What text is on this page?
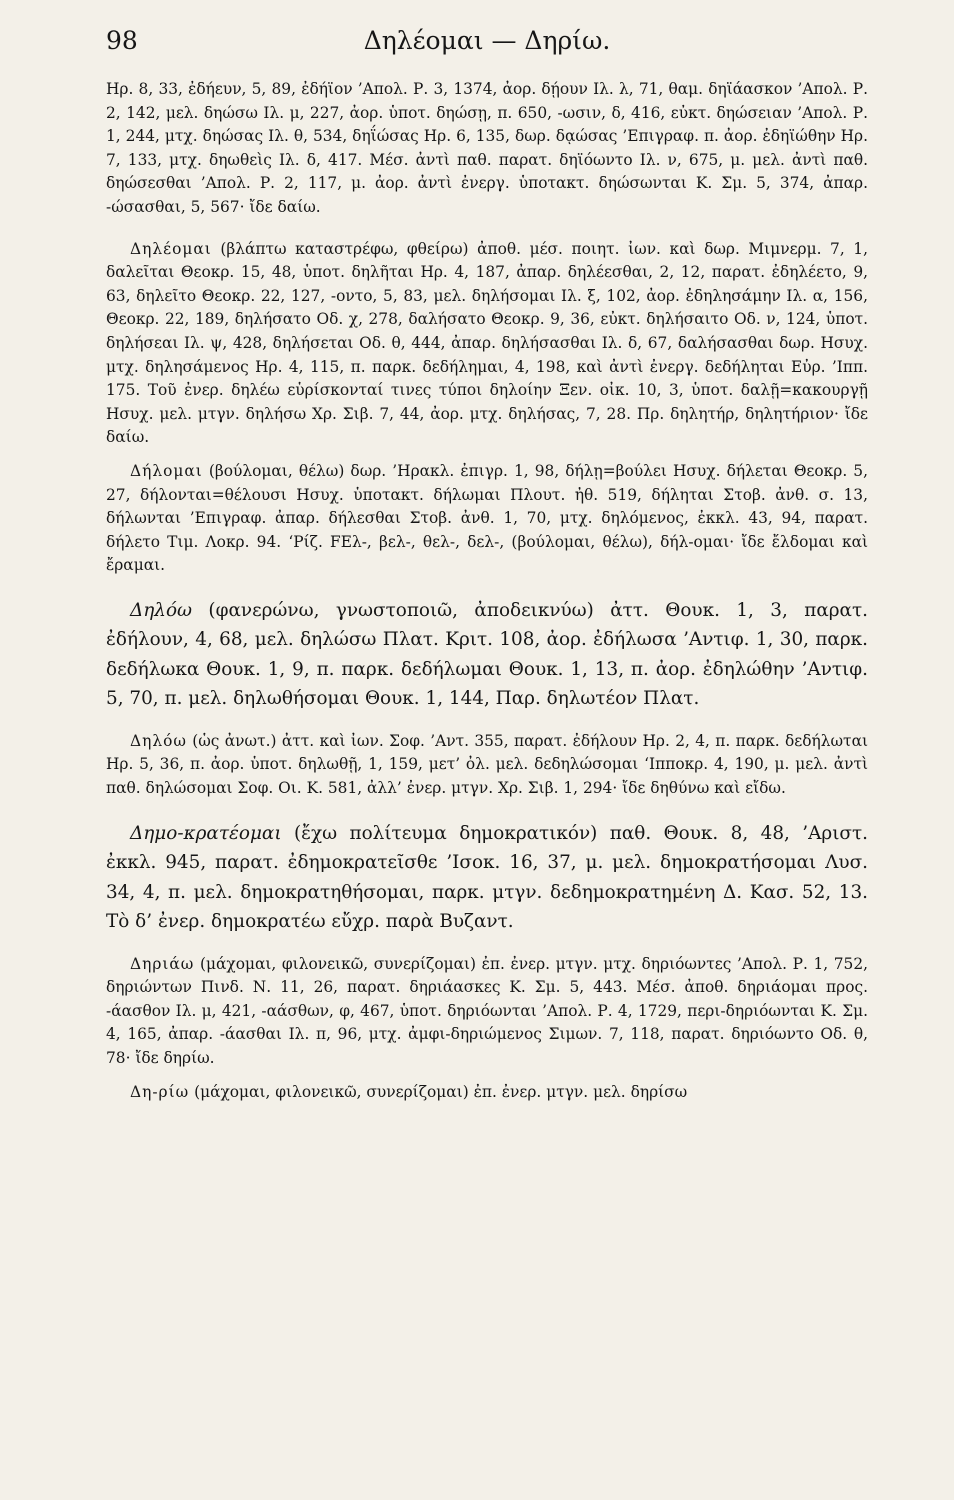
98	Δηλέομαι — Δηρίω.

Ηρ. 8, 33, ἐδήευν, 5, 89, ἐδήϊον ’Απολ. Ρ. 3, 1374, ἀορ. δῄουν Ιλ. λ, 71, θαμ. δηϊάασκον ’Απολ. Ρ. 2, 142, μελ. δηώσω Ιλ. μ, 227, ἀορ. ὑποτ. δηώσῃ, π. 650, -ωσιν, δ, 416, εὐκτ. δηώσειαν ’Απολ. Ρ. 1, 244, μτχ. δηώσας Ιλ. θ, 534, δηΐώσας Ηρ. 6, 135, δωρ. δᾳώσας ’Επιγραφ. π. ἀορ. ἐδηϊώθην Ηρ. 7, 133, μτχ. δηωθεὶς Ιλ. δ, 417. Μέσ. ἀντὶ παθ. παρατ. δηϊόωντο Ιλ. ν, 675, μ. μελ. ἀντὶ παθ. δηώσεσθαι ’Απολ. Ρ. 2, 117, μ. ἀορ. ἀντὶ ἐνεργ. ὑποτακτ. δηώσωνται Κ. Σμ. 5, 374, ἀπαρ. -ώσασθαι, 5, 567· ἴδε δαίω.

Δηλέομαι (βλάπτω καταστρέφω, φθείρω) ἀποθ. μέσ. ποιητ. ἰων. καὶ δωρ. Μιμνερμ. 7, 1, δαλεῖται Θεοκρ. 15, 48, ὑποτ. δηλῆται Ηρ. 4, 187, ἀπαρ. δηλέεσθαι, 2, 12, παρατ. ἐδηλέετο, 9, 63, δηλεῖτο Θεοκρ. 22, 127, -οντο, 5, 83, μελ. δηλήσομαι Ιλ. ξ, 102, ἀορ. ἐδηλησάμην Ιλ. α, 156, Θεοκρ. 22, 189, δηλήσατο Οδ. χ, 278, δαλήσατο Θεοκρ. 9, 36, εὐκτ. δηλήσαιτο Οδ. ν, 124, ὑποτ. δηλήσεαι Ιλ. ψ, 428, δηλήσεται Οδ. θ, 444, ἀπαρ. δηλήσασθαι Ιλ. δ, 67, δαλήσασθαι δωρ. Ησυχ. μτχ. δηλησάμενος Ηρ. 4, 115, π. παρκ. δεδήλημαι, 4, 198, καὶ ἀντὶ ἐνεργ. δεδήληται Εὐρ. ’Ιππ. 175. Τοῦ ἐνερ. δηλέω εὑρίσκονταί τινες τύποι δηλοίην Ξεν. οἰκ. 10, 3, ὑποτ. δαλῇ=κακουργῇ Ησυχ. μελ. μτγν. δηλήσω Χρ. Σιβ. 7, 44, ἀορ. μτχ. δηλήσας, 7, 28. Πρ. δηλητήρ, δηλητήριον· ἴδε δαίω.

Δήλομαι (βούλομαι, θέλω) δωρ. ’Ηρακλ. ἐπιγρ. 1, 98, δήλῃ=βούλει Ησυχ. δήλεται Θεοκρ. 5, 27, δήλονται=θέλουσι Ησυχ. ὑποτακτ. δήλωμαι Πλουτ. ἠθ. 519, δήληται Στοβ. ἀνθ. σ. 13, δήλωνται ’Επιγραφ. ἀπαρ. δήλεσθαι Στοβ. ἀνθ. 1, 70, μτχ. δηλόμενος, ἐκκλ. 43, 94, παρατ. δήλετο Τιμ. Λοκρ. 94. ‘Ρίζ. FΕλ-, βελ-, θελ-, δελ-, (βούλομαι, θέλω), δήλ-ομαι· ἴδε ἔλδομαι καὶ ἔραμαι.

Δηλόω (φανερώνω, γνωστοποιῶ, ἀποδεικνύω) ἀττ. Θουκ. 1, 3, παρατ. ἐδήλουν, 4, 68, μελ. δηλώσω Πλατ. Κριτ. 108, ἀορ. ἐδήλωσα ’Αντιφ. 1, 30, παρκ. δεδήλωκα Θουκ. 1, 9, π. παρκ. δεδήλωμαι Θουκ. 1, 13, π. ἀορ. ἐδηλώθην ’Αντιφ. 5, 70, π. μελ. δηλωθήσομαι Θουκ. 1, 144, Παρ. δηλωτέον Πλατ.

Δηλόω (ὡς ἀνωτ.) ἀττ. καὶ ἰων. Σοφ. ’Αντ. 355, παρατ. ἐδήλουν Ηρ. 2, 4, π. παρκ. δεδήλωται Ηρ. 5, 36, π. ἀορ. ὑποτ. δηλωθῇ, 1, 159, μετ’ ὀλ. μελ. δεδηλώσομαι ‘Ιπποκρ. 4, 190, μ. μελ. ἀντὶ παθ. δηλώσομαι Σοφ. Οι. Κ. 581, ἀλλ’ ἐνερ. μτγν. Χρ. Σιβ. 1, 294· ἴδε δηθύνω καὶ εἴδω.

Δημο-κρατέομαι (ἔχω πολίτευμα δημοκρατικόν) παθ. Θουκ. 8, 48, ’Αριστ. ἐκκλ. 945, παρατ. ἐδημοκρατεῖσθε ’Ισοκ. 16, 37, μ. μελ. δημοκρατήσομαι Λυσ. 34, 4, π. μελ. δημοκρατηθήσομαι, παρκ. μτγν. δεδημοκρατημένη Δ. Κασ. 52, 13. Τὸ δ’ ἐνερ. δημοκρατέω εὔχρ. παρὰ Βυζαντ.

Δηριάω (μάχομαι, φιλονεικῶ, συνερίζομαι) ἐπ. ἐνερ. μτγν. μτχ. δηριόωντες ’Απολ. Ρ. 1, 752, δηριώντων Πινδ. Ν. 11, 26, παρατ. δηριάασκες Κ. Σμ. 5, 443. Μέσ. ἀποθ. δηριάομαι προς. -άασθον Ιλ. μ, 421, -αάσθων, φ, 467, ὑποτ. δηριόωνται ’Απολ. Ρ. 4, 1729, περι-δηριόωνται Κ. Σμ. 4, 165, ἀπαρ. -άασθαι Ιλ. π, 96, μτχ. ἀμφι-δηριώμενος Σιμων. 7, 118, παρατ. δηριόωντο Οδ. θ, 78· ἴδε δηρίω.

Δη-ρίω (μάχομαι, φιλονεικῶ, συνερίζομαι) ἐπ. ἐνερ. μτγν. μελ. δηρίσω
